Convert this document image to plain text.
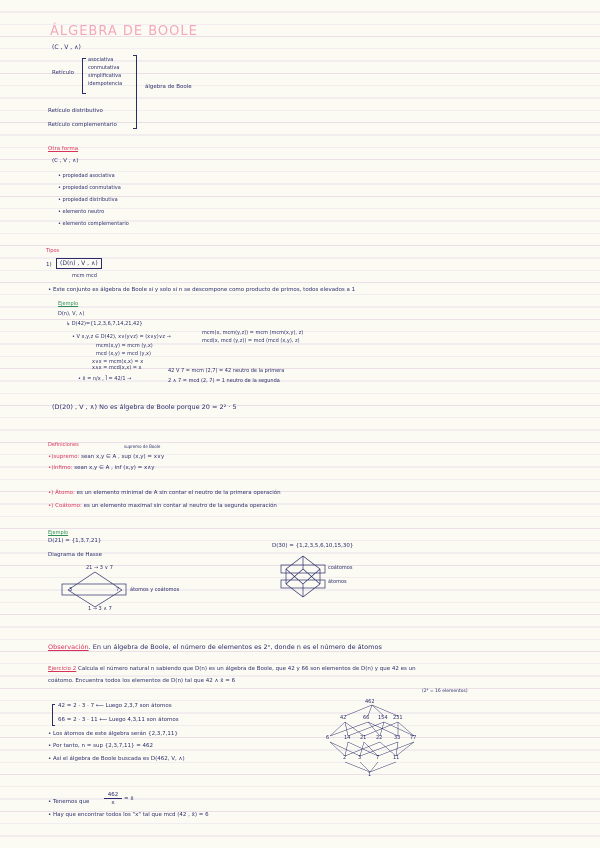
ÁLGEBRA DE BOOLE
(C , V , ∧)
Retículo
asociativa
conmutativa
simplificativa
idempotencia	álgebra de Boole
Retículo distributivo
Retículo complementario
Otra forma
(C , V , ∧)
• propiedad asociativa
• propiedad conmutativa
• propiedad distributiva
• elemento neutro
• elemento complementario
Tipos
1)	(D(n) , V , ∧)
mcm mcd
• Este conjunto es álgebra de Boole si y solo si n se descompone como producto de primos, todos elevados a 1
Ejemplo
D(n), V, ∧)
↳ D(42)={1,2,3,6,7,14,21,42}
• V x,y,z ∈ D(42), x∨(y∨z) = (x∨y)∨z →
mcm(x,y) = mcm (y,x)
mcd (x,y) = mcd (y,x)
x∨x = mcm(x,x) = x
x∧x = mcd(x,x) = x
mcm(x, mcm(y,z)) = mcm (mcm(x,y), z)
mcd(x, mcd (y,z)) = mcd (mcd (x,y), z)
• x̄ = n/x , Ī = 42/1 →
42 V 7 = mcm (2,7) = 42 neutro de la primera
2 ∧ 7 = mcd (2, 7) = 1 neutro de la segunda
(D(20) , V , ∧) No es álgebra de Boole porque 20 = 2² · 5
Definiciones	supremo de Boole
•)supremo: sean x,y ∈ A , sup (x,y) = x∨y
•)ínfimo: sean x,y ∈ A , inf (x,y) = x∧y
•) Átomo: es un elemento minimal de A sin contar el neutro de la primera operación
•) Coátomo: es un elemento maximal sin contar al neutro de la segunda operación
Ejemplo
D(21) = {1,3,7,21}
Diagrama de Hasse
21 → 3 ∨ 7
3	7
1 → 3 ∧ 7
átomos y coátomos
D(30) = {1,2,3,5,6,10,15,30}
coátomos
átomos
Observación. En un álgebra de Boole, el número de elementos es 2ⁿ, donde n es el número de átomos
Ejercicio 2 Calcula el número natural n sabiendo que D(n) es un álgebra de Boole, que 42 y 66 son elementos de D(n) y que 42 es un
coátomo. Encuentra todos los elementos de D(n) tal que 42 ∧ x̄ = 6
(2⁴ = 16 elementos)
42 = 2 · 3 · 7 ⟵ Luego 2,3,7 son átomos
66 = 2 · 3 · 11 ⟵ Luego 4,3,11 son átomos
• Los átomos de este álgebra serán {2,3,7,11}
• Por tanto, n = sup {2,3,7,11} = 462
• Así el álgebra de Boole buscada es D(462, V, ∧)
462
42	66 154 231
6	14 21 22 33 77
2 3	7	11
1
• Tenemos que
462
x
= x̄
• Hay que encontrar todos los "x" tal que mcd (42 , x̄) = 6
